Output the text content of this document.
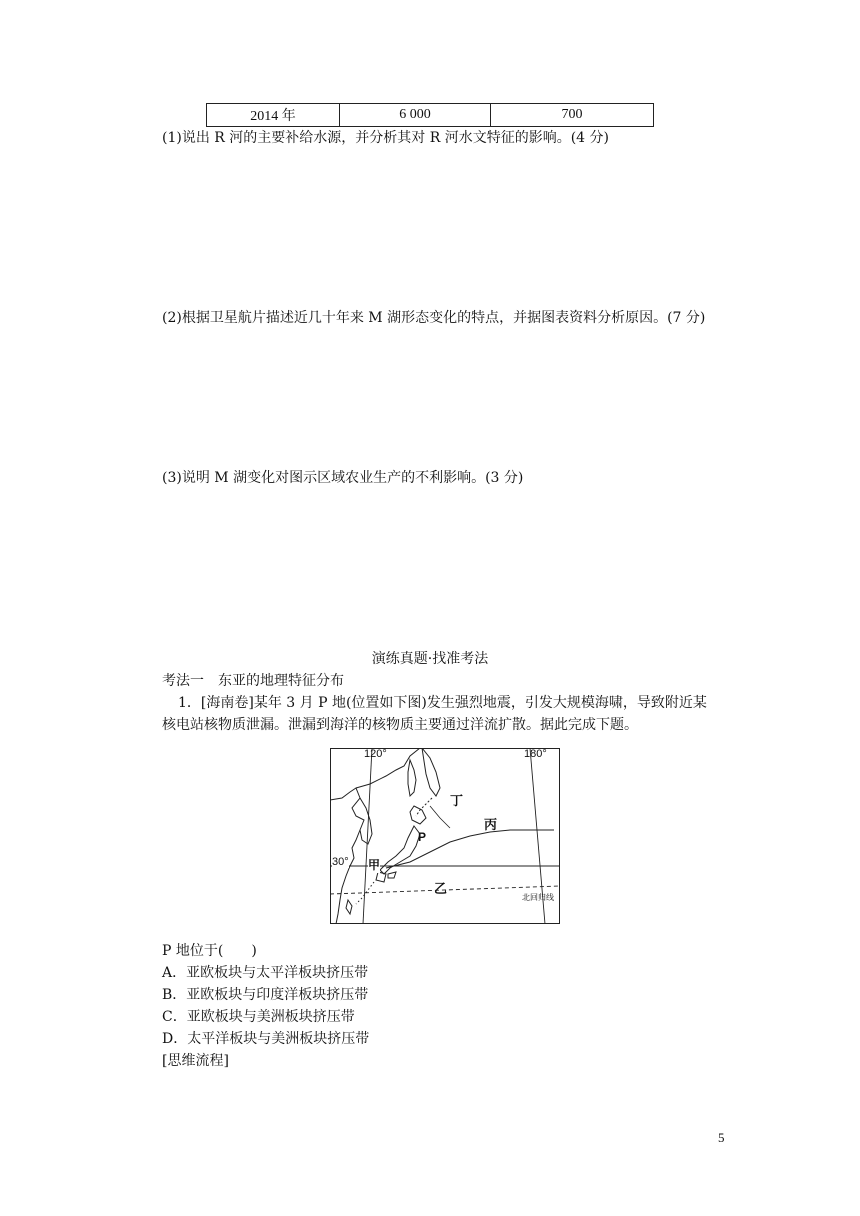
2014 年	6 000	700
(1)说出 R 河的主要补给水源，并分析其对 R 河水文特征的影响。(4 分)
(2)根据卫星航片描述近几十年来 M 湖形态变化的特点，并据图表资料分析原因。(7 分)
(3)说明 M 湖变化对图示区域农业生产的不利影响。(3 分)
演练真题·找准考法
考法一　东亚的地理特征分布
1．[海南卷]某年 3 月 P 地(位置如下图)发生强烈地震，引发大规模海啸，导致附近某
核电站核物质泄漏。泄漏到海洋的核物质主要通过洋流扩散。据此完成下题。
120°	180°
30°
丁
丙
P
甲
乙
北回归线
P 地位于(　　)
A．亚欧板块与太平洋板块挤压带
B．亚欧板块与印度洋板块挤压带
C．亚欧板块与美洲板块挤压带
D．太平洋板块与美洲板块挤压带
[思维流程]
5
